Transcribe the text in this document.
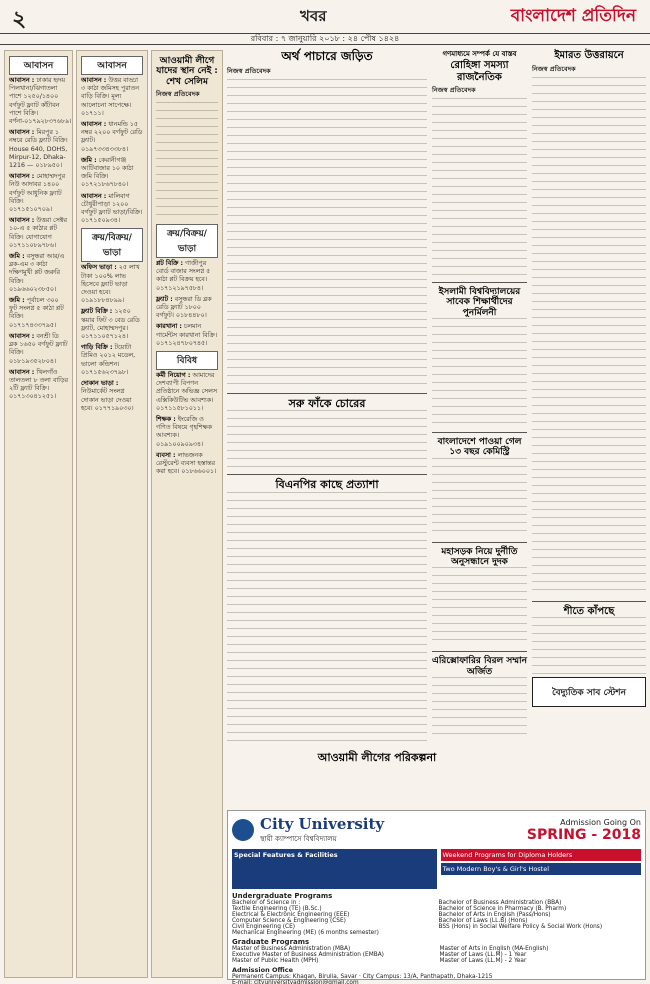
২	খবর	বাংলাদেশ প্রতিদিন
রবিবার : ৭ জানুয়ারি ২০১৮ : ২৪ পৌষ ১৪২৪
আবাসন
আবাসন : ঢাকার হৃদয় পিলখানা/ঝিগাতলা পাশে ১২৫০/১৪০০ বর্গফুট ফ্ল্যাট কাঁটাবন পাশে বিক্রি। বর্ণনা-০১৭৯২৮৩৭৬৮৯।
আবাসন : মিরপুর ১ নম্বরে রেডি ফ্ল্যাট বিক্রি। House 640, DOHS, Mirpur-12, Dhaka-1216 — ০১৮৯৫০।
আবাসন : মোহাম্মদপুর নিউ আদাবর ১৪০০ বর্গফুট আধুনিক ফ্ল্যাট বিক্রি। ০১৭১৫১০৭০৯।
আবাসন : উত্তরা সেক্টর ১০-এ ৫ কাঠার প্লট বিক্রি। যোগাযোগ ০১৭১১০৮৯৭৮৬।
জমি : বসুন্ধরা আর/এ ব্লক-এম ৩ কাঠা দক্ষিণমুখী প্লট জরুরি বিক্রি। ০১৯৬৬০২৩৮৫০।
জমি : পূর্বাচল ৩০০ ফুট সংলগ্ন ৫ কাঠা প্লট বিক্রি। ০১৭১৭৪৩৩৭৯৫।
আবাসন : বনশ্রী ডি ব্লক ১৬৫০ বর্গফুট ফ্ল্যাট বিক্রি। ০১৮১৯৩৫২৮০৪।
আবাসন : খিলগাঁও তালতলা ৮ তলা বাড়ির ২টি ফ্ল্যাট বিক্রি। ০১৭১৩০৪১২৫১।
আবাসন
আবাসন : উত্তর বাড্ডা ৩ কাঠা জমিসহ পুরাতন বাড়ি বিক্রি। মূল্য আলোচনা সাপেক্ষে। ০১৭১১।
আবাসন : ধানমন্ডি ১৫ নম্বর ২২০০ বর্গফুট রেডি ফ্ল্যাট। ০১৯৭৩৩৪৩৩৮৪।
জমি : কেরানীগঞ্জ আটিবাজার ১০ কাঠা জমি বিক্রি। ০১৭২১৮৬৭৮৪০।
আবাসন : মালিবাগ চৌধুরীপাড়া ১২০০ বর্গফুট ফ্ল্যাট ভাড়া/বিক্রি। ০১৭১৫০৯৩৪।
ক্রয়/বিক্রয়/ভাড়া
অফিস ভাড়া : ২৫ লাখ টাকা ১০০% লাভ হিসেবে ফ্ল্যাট ভাড়া দেওয়া হবে। ০১৯১৮৮৪৮৯৯।
ফ্ল্যাট বিক্রি : ১২৫০ স্কয়ার ফিট ৩ বেড রেডি ফ্ল্যাট, মোহাম্মদপুর। ০১৭১১০৫৭১২৪।
গাড়ি বিক্রি : টয়োটা প্রিমিও ২০১২ মডেল, ভালো কন্ডিশন। ০১৭১৫৬২৩৭৯৮।
দোকান ভাড়া : নিউমার্কেট সংলগ্ন দোকান ভাড়া দেওয়া হবে। ০১৭৭১৯০৩০।
আওয়ামী লীগে যাদের স্থান নেই : শেখ সেলিম
নিজস্ব প্রতিবেদক
ক্রয়/বিক্রয়/ভাড়া
প্লট বিক্রি : গাজীপুর বোর্ড বাজার সংলগ্ন ৫ কাঠা প্লট বিক্রয় হবে। ০১৭১২১৯৭৫৮৪।
ফ্ল্যাট : বসুন্ধরা ডি ব্লক রেডি ফ্ল্যাট ১৮০০ বর্গফুট। ০১৮৪৪৮০।
কারখানা : চলমান গার্মেন্টস কারখানা বিক্রি। ০১৭১২৪৭৮০৭৪৫।
বিবিধ
কর্মী নিয়োগ : আমাদের দেশব্যাপী বিপণন প্রতিষ্ঠানে অভিজ্ঞ সেলস এক্সিকিউটিভ আবশ্যক। ০১৭১১৫৮১০১১।
শিক্ষক : ইংরেজি ও গণিত বিষয়ে গৃহশিক্ষক আবশ্যক। ০১৯১০০৯০৯৩৪।
ব্যবসা : লাভজনক রেস্টুরেন্ট ব্যবসা হস্তান্তর করা হবে। ০১৮৬৬০০১।
অর্থ পাচারে জড়িত
নিজস্ব প্রতিবেদক
সরু ফাঁকে চোরের
বিএনপির কাছে প্রত্যাশা
গণমাধ্যমে সম্পর্ক যে বাস্তব
রোহিঙ্গা সমস্যা রাজনৈতিক
নিজস্ব প্রতিবেদক
ইসলামী বিশ্ববিদ্যালয়ের সাবেক শিক্ষার্থীদের পুনর্মিলনী
বাংলাদেশে পাওয়া গেল ১৩ বছর কেমিস্ট্রি
মহাসড়ক নিয়ে দুর্নীতি অনুসন্ধানে দুদক
এরিক্সোফারির বিরল সম্মান অর্জিত
ইমারত উত্তরায়নে
নিজস্ব প্রতিবেদক
শীতে কাঁপছে
বৈদ্যুতিক সাব স্টেশন
আওয়ামী লীগের পরিকল্পনা
City University
স্থায়ী ক্যাম্পাসে বিশ্ববিদ্যালয়
Admission Going On
SPRING - 2018
Special Features & Facilities	Weekend Programs for Diploma Holders
Two Modern Boy's & Girl's Hostel
Undergraduate Programs
Bachelor of Science in :
Textile Engineering (TE) (B.Sc.)
Electrical & Electronic Engineering (EEE)
Computer Science & Engineering (CSE)
Civil Engineering (CE)
Mechanical Engineering (ME) (6 months semester)
Bachelor of Business Administration (BBA)
Bachelor of Science in Pharmacy (B. Pharm)
Bachelor of Arts in English (Pass/Hons)
Bachelor of Laws (LL.B) (Hons)
BSS (Hons) in Social Welfare Policy & Social Work (Hons)
Graduate Programs
Master of Business Administration (MBA)
Executive Master of Business Administration (EMBA)
Master of Public Health (MPH)
Master of Arts in English (MA-English)
Master of Laws (LL.M) - 1 Year
Master of Laws (LL.M) - 2 Year
Admission Office
Permanent Campus: Khagan, Birulia, Savar · City Campus: 13/A, Panthapath, Dhaka-1215
E-mail: cityuniversityadmission@gmail.com
